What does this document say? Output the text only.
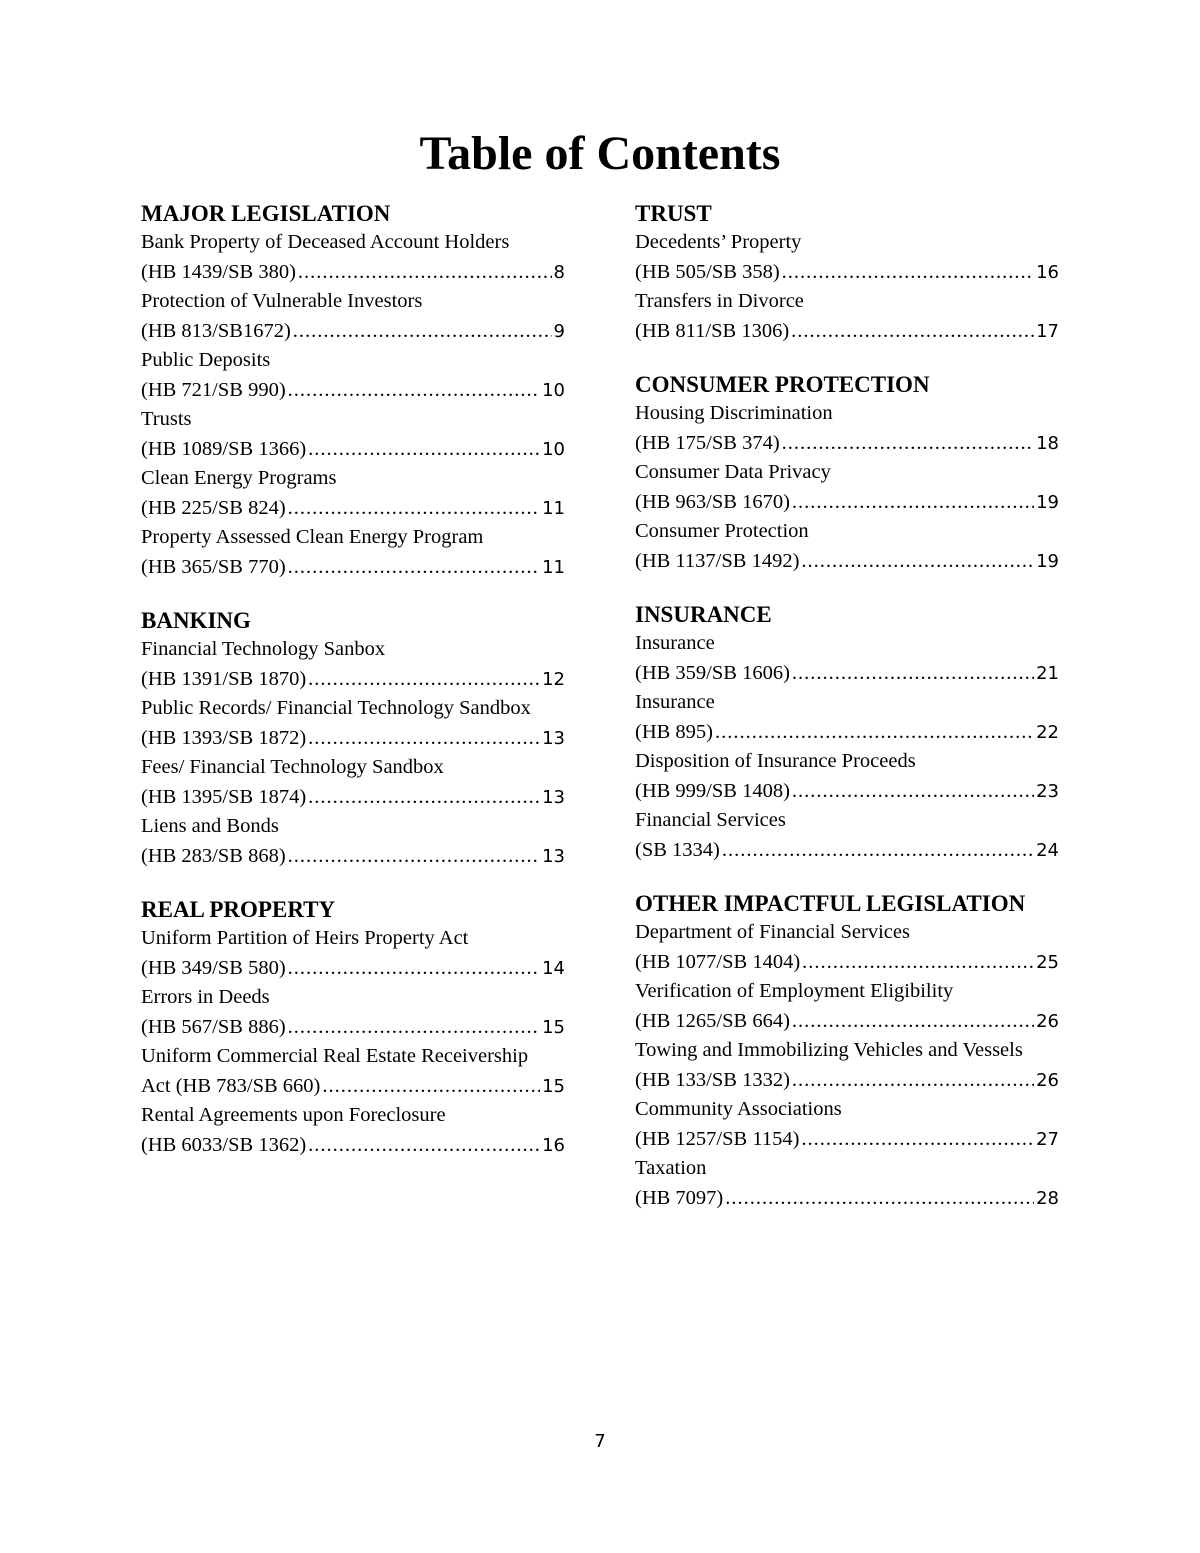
Table of Contents
MAJOR LEGISLATION
Bank Property of Deceased Account Holders
(HB 1439/SB 380) .....	8
Protection of Vulnerable Investors
(HB 813/SB1672) .....	9
Public Deposits
(HB 721/SB 990) .....	10
Trusts
(HB 1089/SB 1366) .....	10
Clean Energy Programs
(HB 225/SB 824) .....	11
Property Assessed Clean Energy Program
(HB 365/SB 770) .....	11
BANKING
Financial Technology Sanbox
(HB 1391/SB 1870) .....	12
Public Records/ Financial Technology Sandbox
(HB 1393/SB 1872) .....	13
Fees/ Financial Technology Sandbox
(HB 1395/SB 1874) .....	13
Liens and Bonds
(HB 283/SB 868) .....	13
REAL PROPERTY
Uniform Partition of Heirs Property Act
(HB 349/SB 580) .....	14
Errors in Deeds
(HB 567/SB 886) .....	15
Uniform Commercial Real Estate Receivership
Act (HB 783/SB 660) .....	15
Rental Agreements upon Foreclosure
(HB 6033/SB 1362) .....	16
TRUST
Decedents’ Property
(HB 505/SB 358) .....	16
Transfers in Divorce
(HB 811/SB 1306) .....	17
CONSUMER PROTECTION
Housing Discrimination
(HB 175/SB 374) .....	18
Consumer Data Privacy
(HB 963/SB 1670) .....	19
Consumer Protection
(HB 1137/SB 1492) .....	19
INSURANCE
Insurance
(HB 359/SB 1606) .....	21
Insurance
(HB 895) .....	22
Disposition of Insurance Proceeds
(HB 999/SB 1408) .....	23
Financial Services
(SB 1334) .....	24
OTHER IMPACTFUL LEGISLATION
Department of Financial Services
(HB 1077/SB 1404) .....	25
Verification of Employment Eligibility
(HB 1265/SB 664) .....	26
Towing and Immobilizing Vehicles and Vessels
(HB 133/SB 1332) .....	26
Community Associations
(HB 1257/SB 1154) .....	27
Taxation
(HB 7097) .....	28
7
